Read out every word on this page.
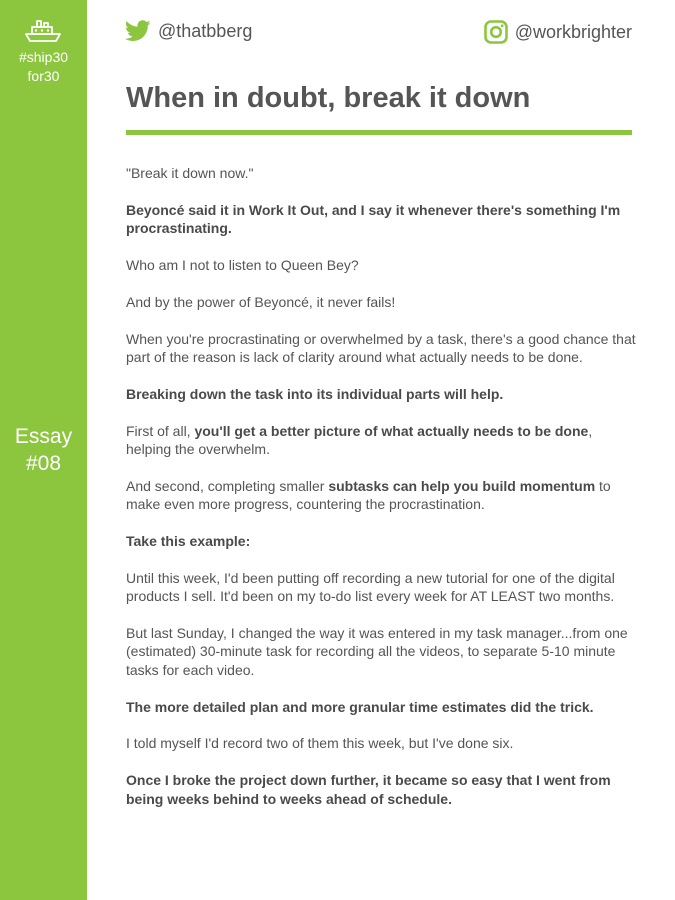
#ship30
for30
Essay
#08
@thatbberg	@workbrighter
When in doubt, break it down

"Break it down now."

Beyoncé said it in Work It Out, and I say it whenever there's something I'm procrastinating.

Who am I not to listen to Queen Bey?

And by the power of Beyoncé, it never fails!

When you're procrastinating or overwhelmed by a task, there's a good chance that part of the reason is lack of clarity around what actually needs to be done.

Breaking down the task into its individual parts will help.

First of all, you'll get a better picture of what actually needs to be done, helping the overwhelm.

And second, completing smaller subtasks can help you build momentum to make even more progress, countering the procrastination.

Take this example:

Until this week, I'd been putting off recording a new tutorial for one of the digital products I sell. It'd been on my to-do list every week for AT LEAST two months.

But last Sunday, I changed the way it was entered in my task manager...from one (estimated) 30-minute task for recording all the videos, to separate 5-10 minute tasks for each video.

The more detailed plan and more granular time estimates did the trick.

I told myself I'd record two of them this week, but I've done six.

Once I broke the project down further, it became so easy that I went from being weeks behind to weeks ahead of schedule.
